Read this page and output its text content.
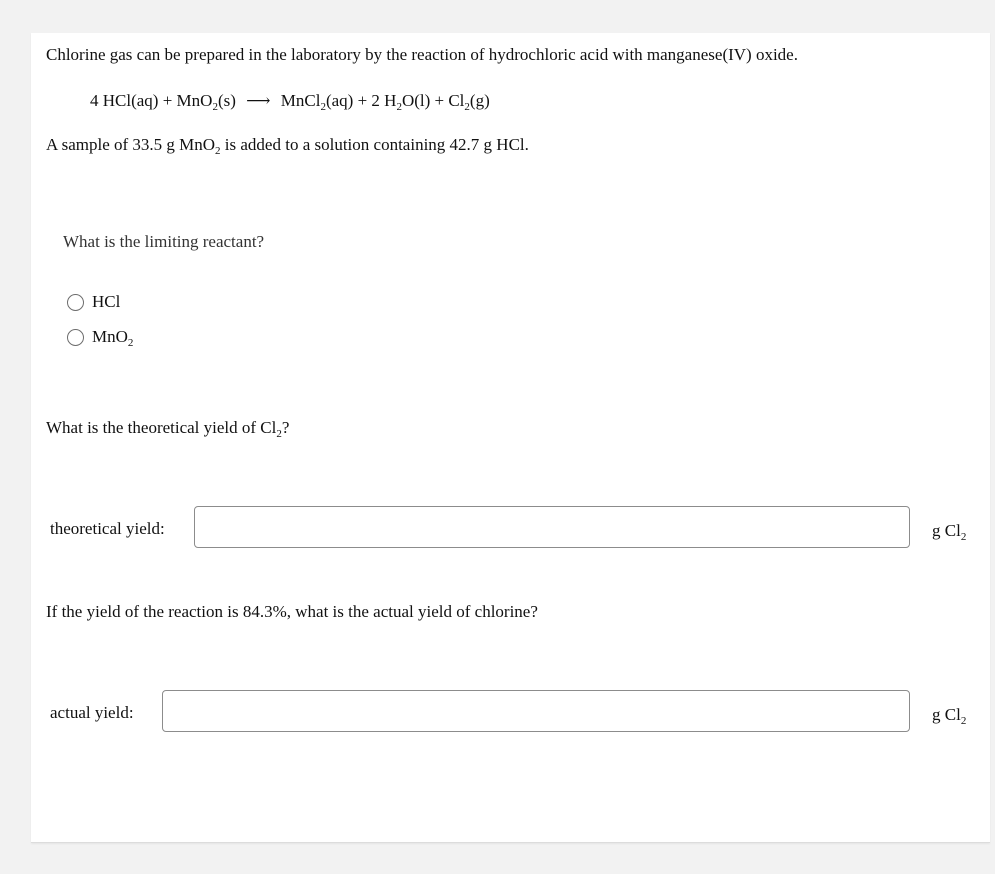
Chlorine gas can be prepared in the laboratory by the reaction of hydrochloric acid with manganese(IV) oxide.
4 HCl(aq) + MnO$_2$(s) ⟶ MnCl$_2$(aq) + 2 $H_2O(l) + Cl_2(g)$
A sample of 33.5 g MnO$_2$ is added to a solution containing 42.7 g HCl.
What is the limiting reactant?
HCl
MnO$_2$
What is the theoretical yield of $Cl_2$?
theoretical yield:	g $Cl_2$
If the yield of the reaction is 84.3%, what is the actual yield of chlorine?
actual yield:	g $Cl_2$
